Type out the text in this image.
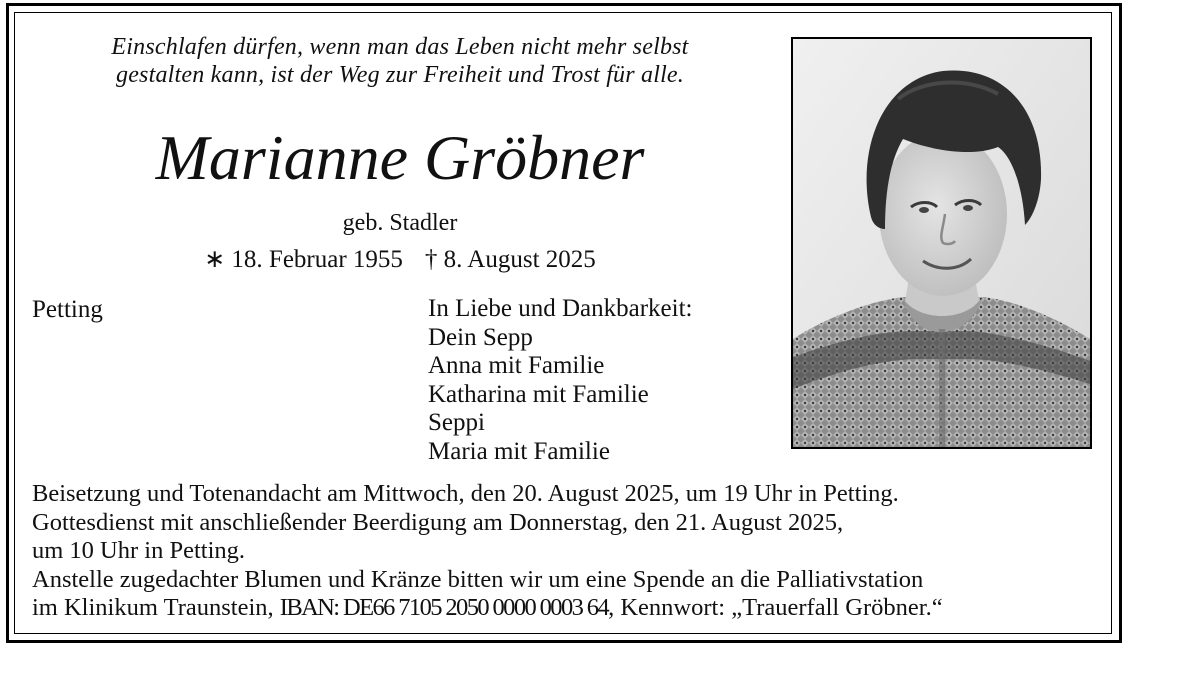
Einschlafen dürfen, wenn man das Leben nicht mehr selbst
gestalten kann, ist der Weg zur Freiheit und Trost für alle.
Marianne Gröbner
geb. Stadler
∗ 18. Februar 1955 † 8. August 2025
Petting	In Liebe und Dankbarkeit:
Dein Sepp
Anna mit Familie
Katharina mit Familie
Seppi
Maria mit Familie
Beisetzung und Totenandacht am Mittwoch, den 20. August 2025, um 19 Uhr in Petting.
Gottesdienst mit anschließender Beerdigung am Donnerstag, den 21. August 2025,
um 10 Uhr in Petting.
Anstelle zugedachter Blumen und Kränze bitten wir um eine Spende an die Palliativstation
im Klinikum Traunstein, IBAN: DE66 7105 2050 0000 0003 64, Kennwort: „Trauerfall Gröbner.“
